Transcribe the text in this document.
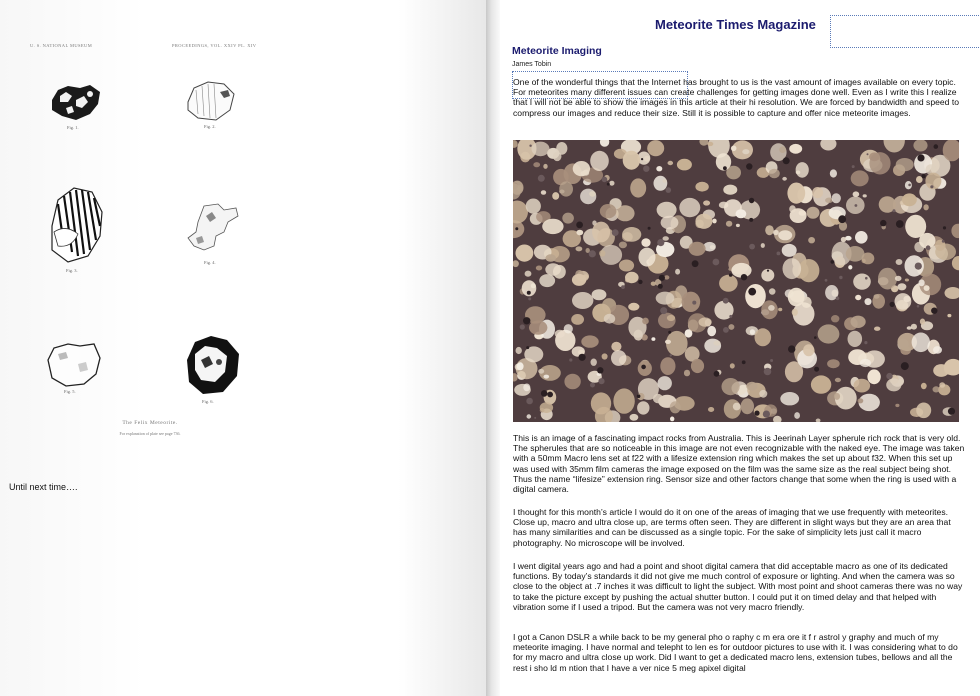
U. S. NATIONAL MUSEUM	PROCEEDINGS, VOL. XXIV PL. XIV
Fig. 1.	Fig. 2.
Fig. 3.
Fig. 4.
Fig. 5.
Fig. 6.
The Felix Meteorite.
For explanation of plate see page 736.
Until next time….
Meteorite Times Magazine
Meteorite Imaging
James Tobin

One of the wonderful things that the Internet has brought to us is the vast amount of images available on every topic. For meteorites many different issues can create challenges for getting images done well. Even as I write this I realize that I will not be able to show the images in this article at their hi resolution. We are forced by bandwidth and speed to compress our images and reduce their size. Still it is possible to capture and offer nice meteorite images.

This is an image of a fascinating impact rocks from Australia. This is Jeerinah Layer spherule rich rock that is very old. The spherules that are so noticeable in this image are not even recognizable with the naked eye. The image was taken with a 50mm Macro lens set at f22 with a lifesize extension ring which makes the set up about f32. When this set up was used with 35mm film cameras the image exposed on the film was the same size as the real subject being shot. Thus the name “lifesize” extension ring. Sensor size and other factors change that some when the ring is used with a digital camera.

I thought for this month’s article I would do it on one of the areas of imaging that we use frequently with meteorites. Close up, macro and ultra close up, are terms often seen. They are different in slight ways but they are an area that has many similarities and can be discussed as a single topic. For the sake of simplicity lets just call it macro photography. No microscope will be involved.

I went digital years ago and had a point and shoot digital camera that did acceptable macro as one of its dedicated functions. By today’s standards it did not give me much control of exposure or lighting. And when the camera was so close to the object at .7 inches it was difficult to light the subject. With most point and shoot cameras there was no way to take the picture except by pushing the actual shutter button. I could put it on timed delay and that helped with vibration some if I used a tripod. But the camera was not very macro friendly.

I got a Canon DSLR a while back to be my general pho o raphy c m era ore it f r astrol y graphy and much of my meteorite imaging. I have normal and telepht to len es for outdoor pictures to use with it. I was considering what to do for my macro and ultra close up work. Did I want to get a dedicated macro lens, extension tubes, bellows and all the rest i sho ld m ntion that I have a ver nice 5 meg apixel digital
